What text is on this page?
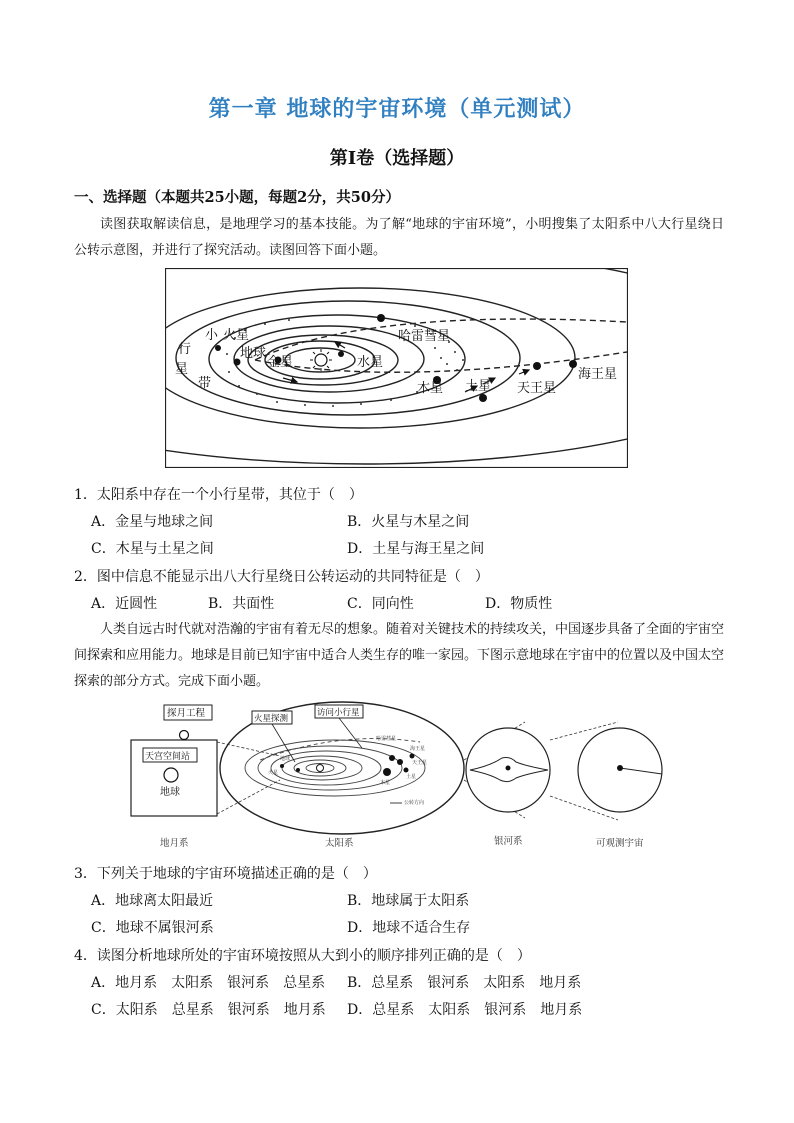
第一章 地球的宇宙环境（单元测试）
第Ⅰ卷（选择题）
一、选择题（本题共25小题，每题2分，共50分）
读图获取解读信息，是地理学习的基本技能。为了解“地球的宇宙环境”，小明搜集了太阳系中八大行星绕日公转示意图，并进行了探究活动。读图回答下面小题。
小 火星
行
星
带
地球
金星	水星
哈雷彗星
木星 土星 天王星
海王星
1．太阳系中存在一个小行星带，其位于（　）
A．金星与地球之间	B．火星与木星之间
C．木星与土星之间	D．土星与海王星之间
2．图中信息不能显示出八大行星绕日公转运动的共同特征是（　）
A．近圆性	B．共面性	C．同向性	D．物质性
人类自远古时代就对浩瀚的宇宙有着无尽的想象。随着对关键技术的持续攻关，中国逐步具备了全面的宇宙空间探索和应用能力。地球是目前已知宇宙中适合人类生存的唯一家园。下图示意地球在宇宙中的位置以及中国太空探索的部分方式。完成下面小题。
探月工程
天宫空间站
地球
火星探测
访问小行星
哈雷彗星
海王星
天王星
土星
木星
公转方向
地球
火星
地月系	太阳系	银河系	可观测宇宙
3．下列关于地球的宇宙环境描述正确的是（　）
A．地球离太阳最近	B．地球属于太阳系
C．地球不属银河系	D．地球不适合生存
4．读图分析地球所处的宇宙环境按照从大到小的顺序排列正确的是（　）
A．地月系　太阳系　银河系　总星系 B．总星系　银河系　太阳系　地月系
C．太阳系　总星系　银河系　地月系 D．总星系　太阳系　银河系　地月系
